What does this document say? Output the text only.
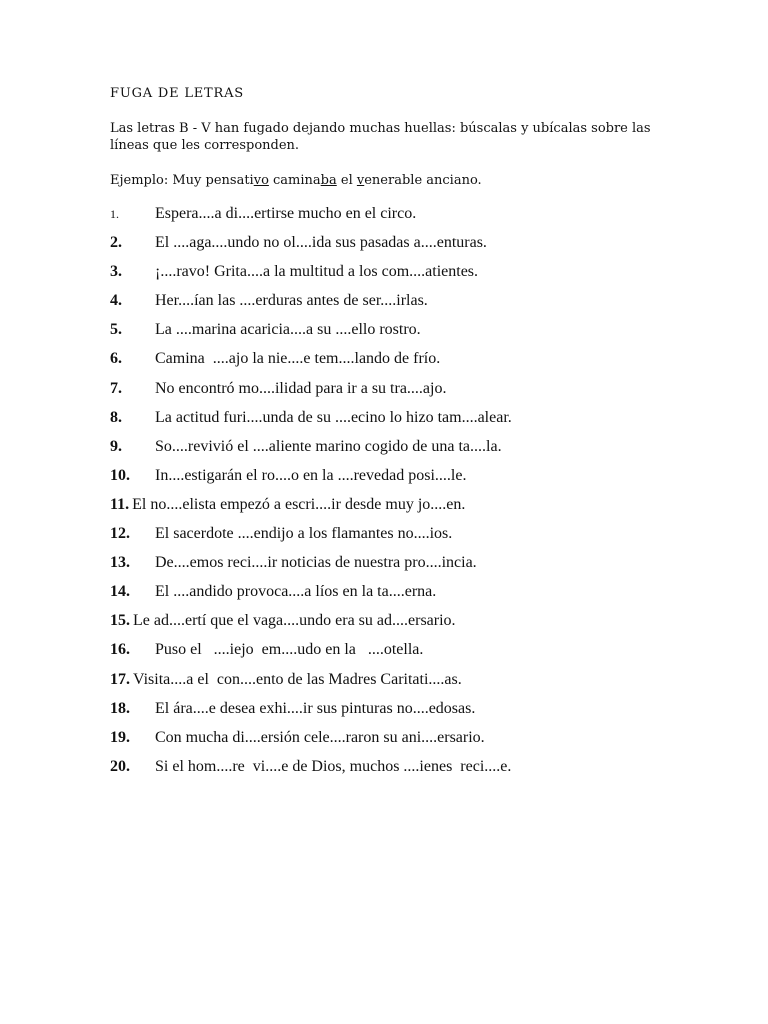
FUGA DE LETRAS
Las letras B - V han fugado dejando muchas huellas: búscalas y ubícalas sobre las líneas que les corresponden.
Ejemplo: Muy pensativo caminaba el venerable anciano.
1.	Espera....a di....ertirse mucho en el circo.
2.	El ....aga....undo no ol....ida sus pasadas a....enturas.
3.	¡....ravo! Grita....a la multitud a los com....atientes.
4.	Her....ían las ....erduras antes de ser....irlas.
5.	La ....marina acaricia....a su ....ello rostro.
6.	Camina  ....ajo la nie....e tem....lando de frío.
7.	No encontró mo....ilidad para ir a su tra....ajo.
8.	La actitud furi....unda de su ....ecino lo hizo tam....alear.
9.	So....revivió el ....aliente marino cogido de una ta....la.
10.	In....estigarán el ro....o en la ....revedad posi....le.
11. El no....elista empezó a escri....ir desde muy jo....en.
12.	El sacerdote ....endijo a los flamantes no....ios.
13.	De....emos reci....ir noticias de nuestra pro....incia.
14.	El ....andido provoca....a líos en la ta....erna.
15. Le ad....ertí que el vaga....undo era su ad....ersario.
16.	Puso el   ....iejo  em....udo en la   ....otella.
17. Visita....a el  con....ento de las Madres Caritati....as.
18.	El ára....e desea exhi....ir sus pinturas no....edosas.
19.	Con mucha di....ersión cele....raron su ani....ersario.
20.	Si el hom....re  vi....e de Dios, muchos ....ienes  reci....e.
